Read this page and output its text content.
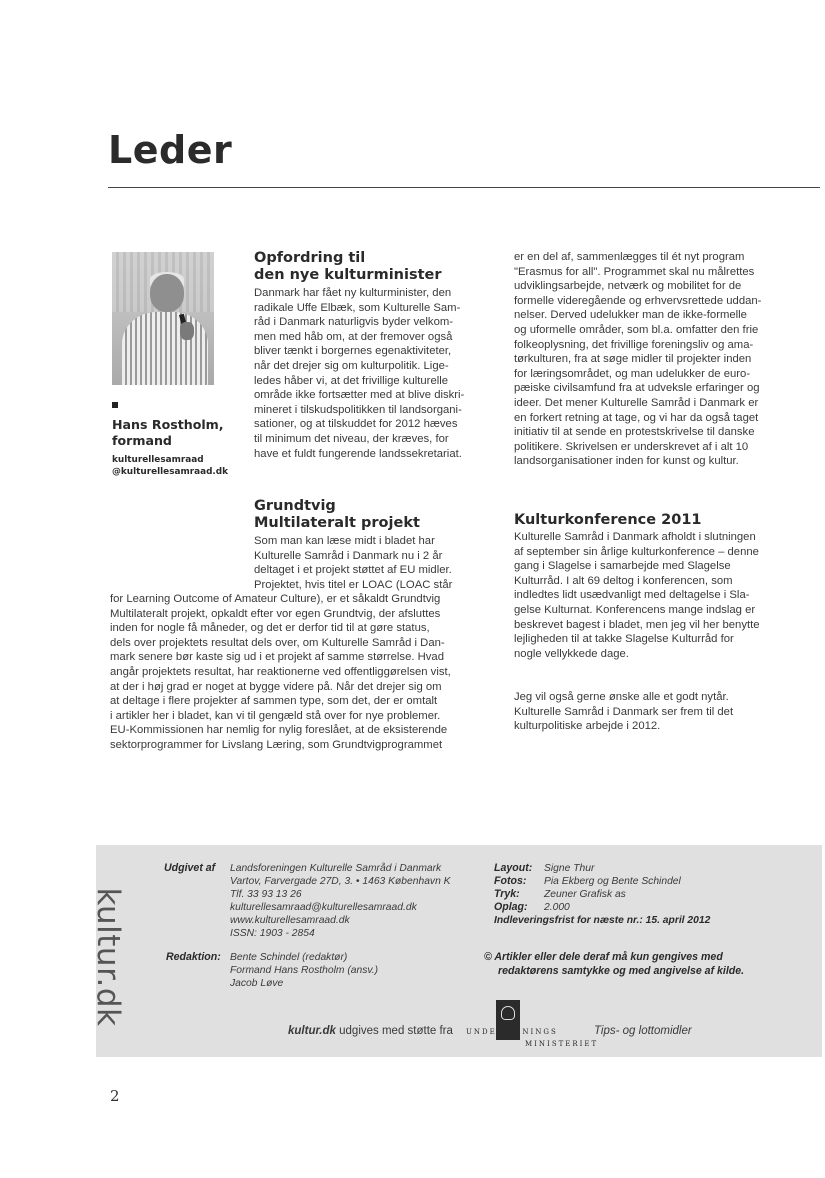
Leder
Hans Rostholm,
formand
kulturellesamraad
@kulturellesamraad.dk
Opfordring til
den nye kulturminister
Danmark har fået ny kulturminister, den
radikale Uffe Elbæk, som Kulturelle Sam-
råd i Danmark naturligvis byder velkom-
men med håb om, at der fremover også
bliver tænkt i borgernes egenaktiviteter,
når det drejer sig om kulturpolitik. Lige-
ledes håber vi, at det frivillige kulturelle
område ikke fortsætter med at blive diskri-
mineret i tilskudspolitikken til landsorgani-
sationer, og at tilskuddet for 2012 hæves
til minimum det niveau, der kræves, for
have et fuldt fungerende landssekretariat.
Grundtvig
Multilateralt projekt
Som man kan læse midt i bladet har
Kulturelle Samråd i Danmark nu i 2 år
deltaget i et projekt støttet af EU midler.
Projektet, hvis titel er LOAC (LOAC står
for Learning Outcome of Amateur Culture), er et såkaldt Grundtvig
Multilateralt projekt, opkaldt efter vor egen Grundtvig, der afsluttes
inden for nogle få måneder, og det er derfor tid til at gøre status,
dels over projektets resultat dels over, om Kulturelle Samråd i Dan-
mark senere bør kaste sig ud i et projekt af samme størrelse. Hvad
angår projektets resultat, har reaktionerne ved offentliggørelsen vist,
at der i høj grad er noget at bygge videre på. Når det drejer sig om
at deltage i flere projekter af sammen type, som det, der er omtalt
i artikler her i bladet, kan vi til gengæld stå over for nye problemer.
EU-Kommissionen har nemlig for nylig foreslået, at de eksisterende
sektorprogrammer for Livslang Læring, som Grundtvigprogrammet
er en del af, sammenlægges til ét nyt program
"Erasmus for all". Programmet skal nu målrettes
udviklingsarbejde, netværk og mobilitet for de
formelle videregående og erhvervsrettede uddan-
nelser. Derved udelukker man de ikke-formelle
og uformelle områder, som bl.a. omfatter den frie
folkeoplysning, det frivillige foreningsliv og ama-
tørkulturen, fra at søge midler til projekter inden
for læringsområdet, og man udelukker de euro-
pæiske civilsamfund fra at udveksle erfaringer og
ideer. Det mener Kulturelle Samråd i Danmark er
en forkert retning at tage, og vi har da også taget
initiativ til at sende en protestskrivelse til danske
politikere. Skrivelsen er underskrevet af i alt 10
landsorganisationer inden for kunst og kultur.
Kulturkonference 2011
Kulturelle Samråd i Danmark afholdt i slutningen
af september sin årlige kulturkonference – denne
gang i Slagelse i samarbejde med Slagelse
Kulturråd. I alt 69 deltog i konferencen, som
indledtes lidt usædvanligt med deltagelse i Sla-
gelse Kulturnat. Konferencens mange indslag er
beskrevet bagest i bladet, men jeg vil her benytte
lejligheden til at takke Slagelse Kulturråd for
nogle vellykkede dage.
Jeg vil også gerne ønske alle et godt nytår.
Kulturelle Samråd i Danmark ser frem til det
kulturpolitiske arbejde i 2012.
kultur.dk
Udgivet af Landsforeningen Kulturelle Samråd i Danmark
Vartov, Farvergade 27D, 3. • 1463 København K
Tlf. 33 93 13 26
kulturellesamraad@kulturellesamraad.dk
www.kulturellesamraad.dk
ISSN: 1903 - 2854
Redaktion: Bente Schindel (redaktør)
Formand Hans Rostholm (ansv.)
Jacob Løve
Layout:
Fotos:
Tryk:
Oplag:
Signe Thur
Pia Ekberg og Bente Schindel
Zeuner Grafisk as
2.000
Indleveringsfrist for næste nr.: 15. april 2012
© Artikler eller dele deraf må kun gengives med
redaktørens samtykke og med angivelse af kilde.
kultur.dk udgives med støtte fra UNDERVISNINGS
MINISTERIET
Tips- og lottomidler
2
